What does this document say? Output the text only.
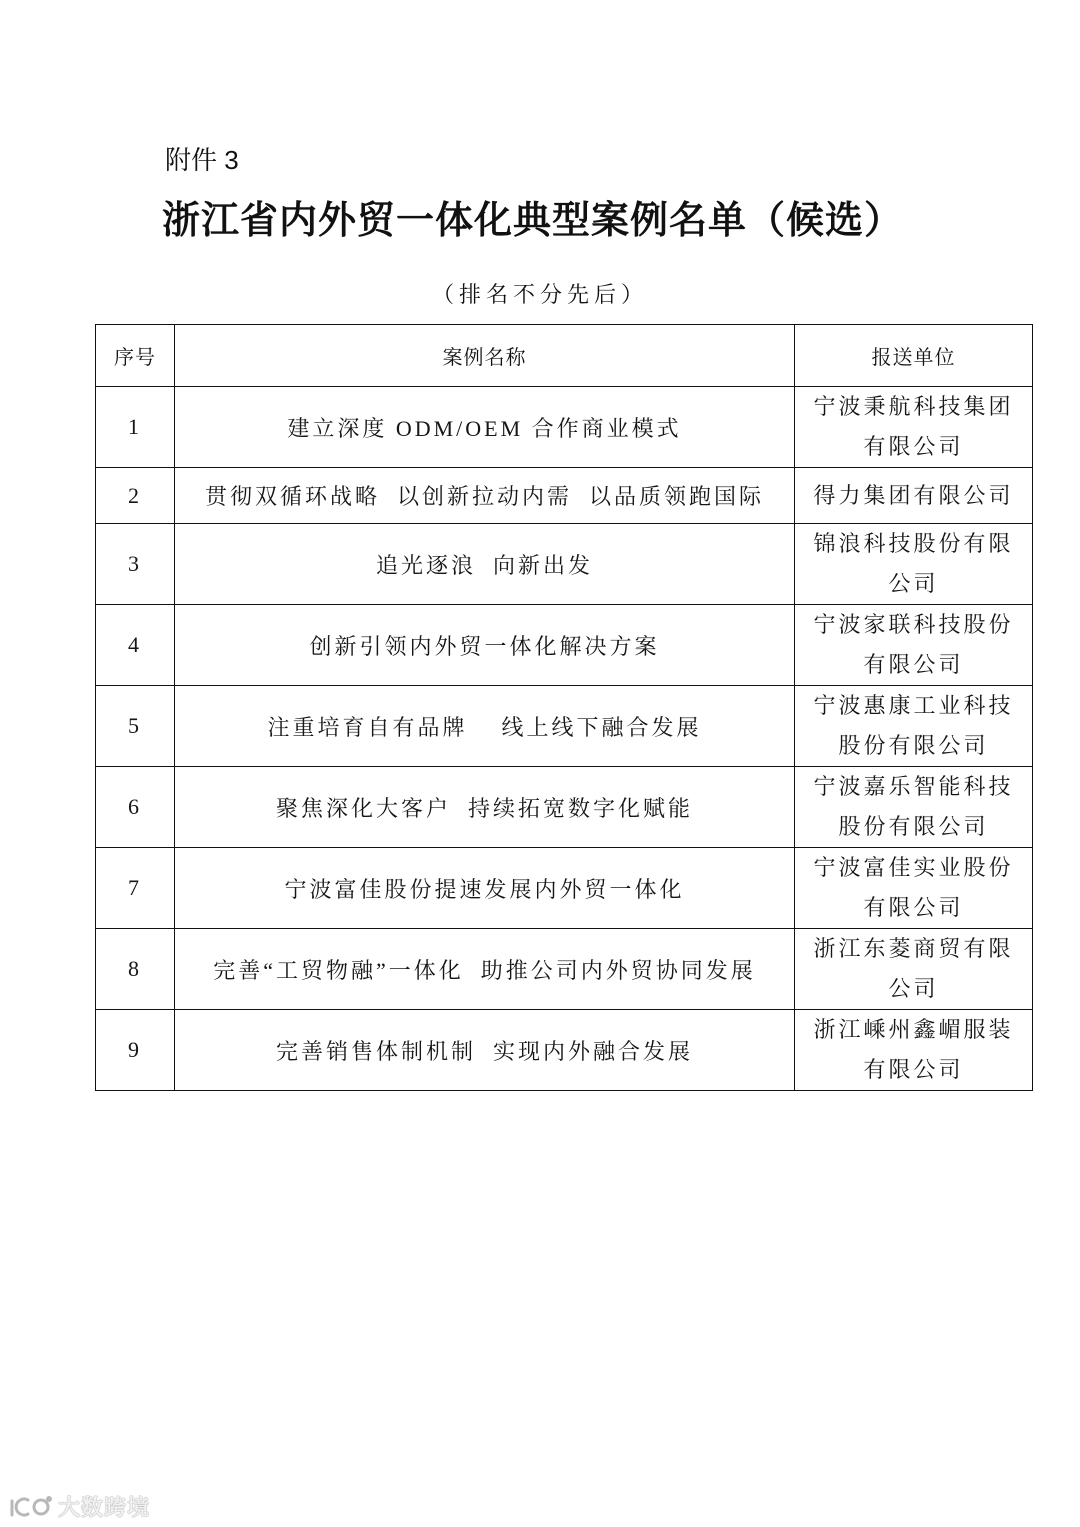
附件 3
浙江省内外贸一体化典型案例名单（候选）
（排名不分先后）
序号	案例名称	报送单位
1	建立深度 ODM/OEM 合作商业模式	宁波秉航科技集团
有限公司

2	贯彻双循环战略  以创新拉动内需  以品质领跑国际	得力集团有限公司

3	追光逐浪  向新出发	锦浪科技股份有限
公司

4	创新引领内外贸一体化解决方案	宁波家联科技股份
有限公司

5	注重培育自有品牌    线上线下融合发展	宁波惠康工业科技
股份有限公司

6	聚焦深化大客户  持续拓宽数字化赋能	宁波嘉乐智能科技
股份有限公司

7	宁波富佳股份提速发展内外贸一体化	宁波富佳实业股份
有限公司

8	完善“工贸物融”一体化  助推公司内外贸协同发展	浙江东菱商贸有限
公司

9	完善销售体制机制  实现内外融合发展	浙江嵊州鑫嵋服装
有限公司
大数跨境
